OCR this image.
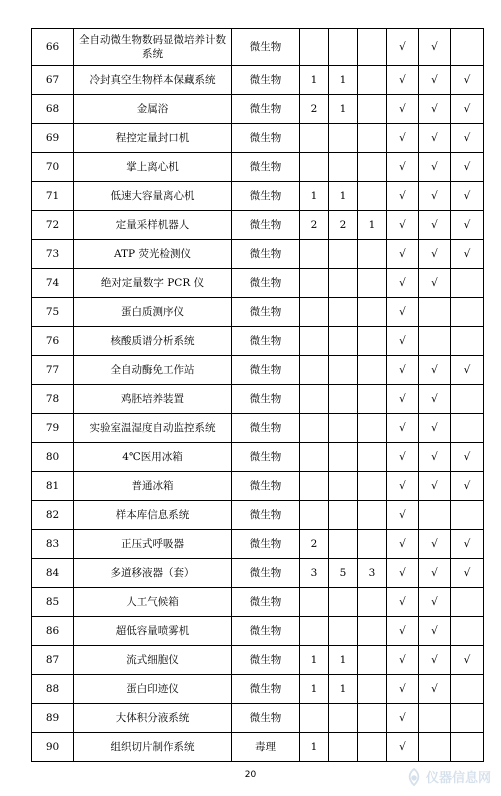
66	全自动微生物数码显微培养计数系统	微生物				√	√	
67	冷封真空生物样本保藏系统	微生物	1	1		√	√	√
68	金属浴	微生物	2	1		√	√	√
69	程控定量封口机	微生物				√	√	√
70	掌上离心机	微生物				√	√	√
71	低速大容量离心机	微生物	1	1		√	√	√
72	定量采样机器人	微生物	2	2	1	√	√	√
73	ATP 荧光检测仪	微生物				√	√	√
74	绝对定量数字 PCR 仪	微生物				√	√	
75	蛋白质测序仪	微生物				√		
76	核酸质谱分析系统	微生物				√		
77	全自动酶免工作站	微生物				√	√	√
78	鸡胚培养装置	微生物				√	√	
79	实验室温湿度自动监控系统	微生物				√	√	
80	4℃医用冰箱	微生物				√	√	√
81	普通冰箱	微生物				√	√	√
82	样本库信息系统	微生物				√		
83	正压式呼吸器	微生物	2			√	√	√
84	多道移液器（套）	微生物	3	5	3	√	√	√
85	人工气候箱	微生物				√	√	
86	超低容量喷雾机	微生物				√	√	
87	流式细胞仪	微生物	1	1		√	√	√
88	蛋白印迹仪	微生物	1	1		√	√	
89	大体积分液系统	微生物				√		
90	组织切片制作系统	毒理	1			√		
20	仪器信息网
